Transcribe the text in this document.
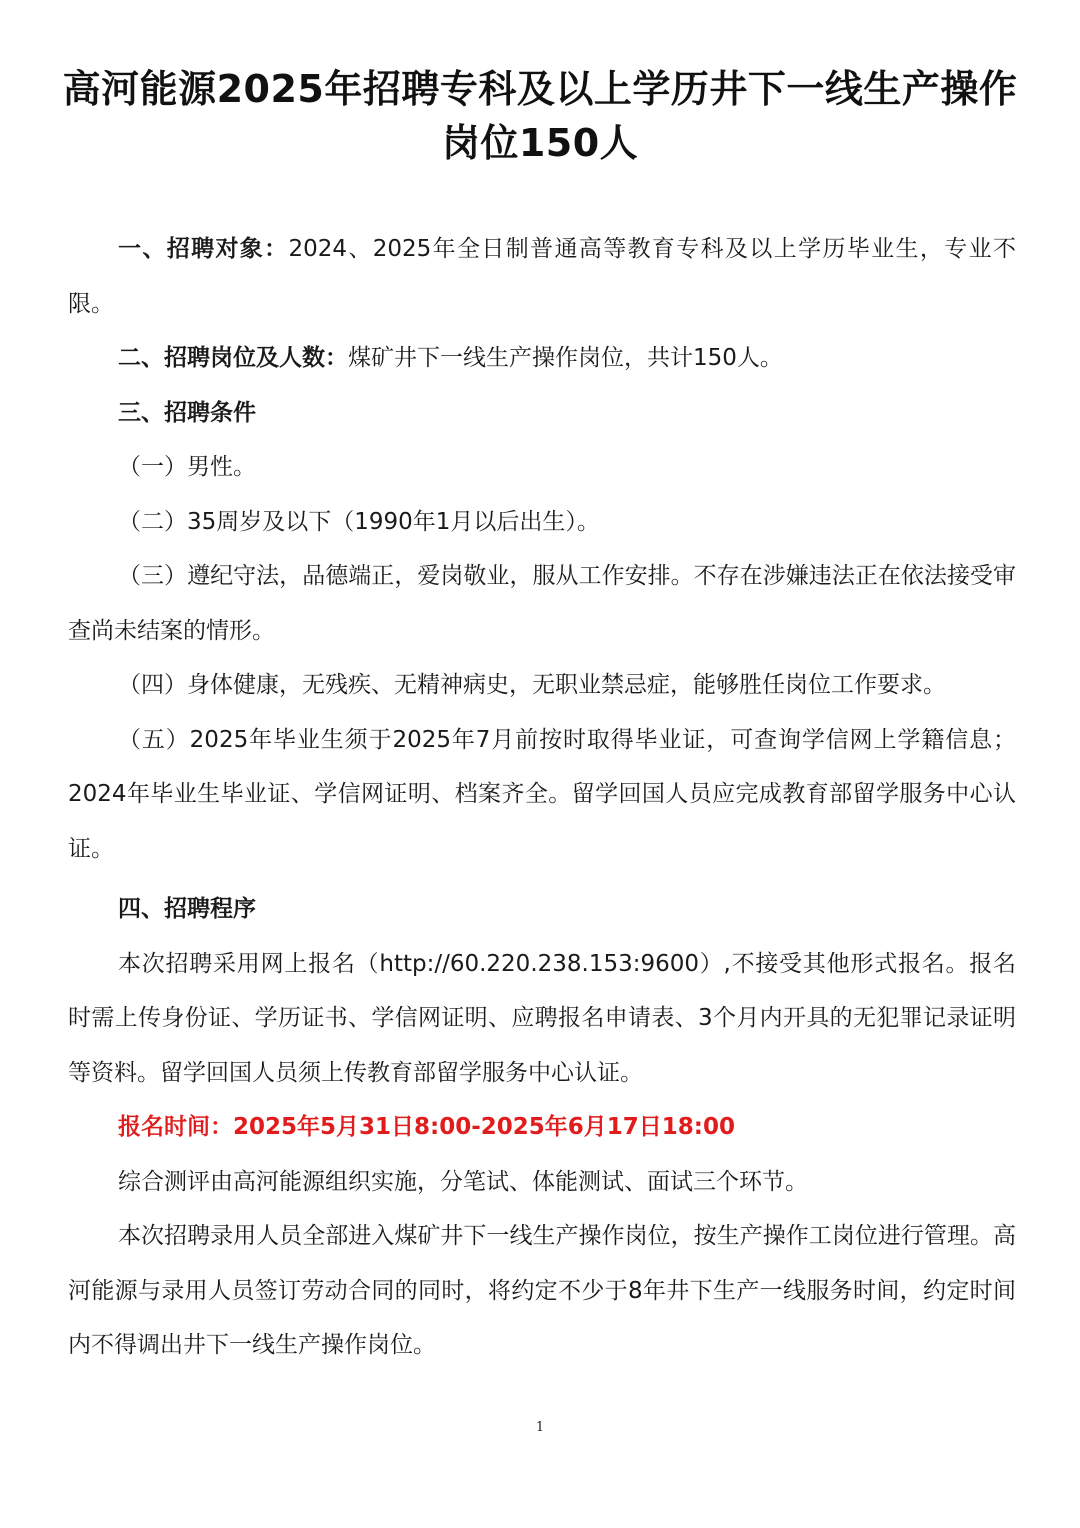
高河能源2025年招聘专科及以上学历井下一线生产操作岗位150人

一、招聘对象：2024、2025年全日制普通高等教育专科及以上学历毕业生，专业不限。

二、招聘岗位及人数：煤矿井下一线生产操作岗位，共计150人。

三、招聘条件

（一）男性。

（二）35周岁及以下（1990年1月以后出生）。

（三）遵纪守法，品德端正，爱岗敬业，服从工作安排。不存在涉嫌违法正在依法接受审查尚未结案的情形。

（四）身体健康，无残疾、无精神病史，无职业禁忌症，能够胜任岗位工作要求。

（五）2025年毕业生须于2025年7月前按时取得毕业证，可查询学信网上学籍信息；2024年毕业生毕业证、学信网证明、档案齐全。留学回国人员应完成教育部留学服务中心认证。

四、招聘程序

本次招聘采用网上报名（http://60.220.238.153:9600）,不接受其他形式报名。报名时需上传身份证、学历证书、学信网证明、应聘报名申请表、3个月内开具的无犯罪记录证明等资料。留学回国人员须上传教育部留学服务中心认证。

报名时间：2025年5月31日8:00-2025年6月17日18:00

综合测评由高河能源组织实施，分笔试、体能测试、面试三个环节。

本次招聘录用人员全部进入煤矿井下一线生产操作岗位，按生产操作工岗位进行管理。高河能源与录用人员签订劳动合同的同时，将约定不少于8年井下生产一线服务时间，约定时间内不得调出井下一线生产操作岗位。

1
